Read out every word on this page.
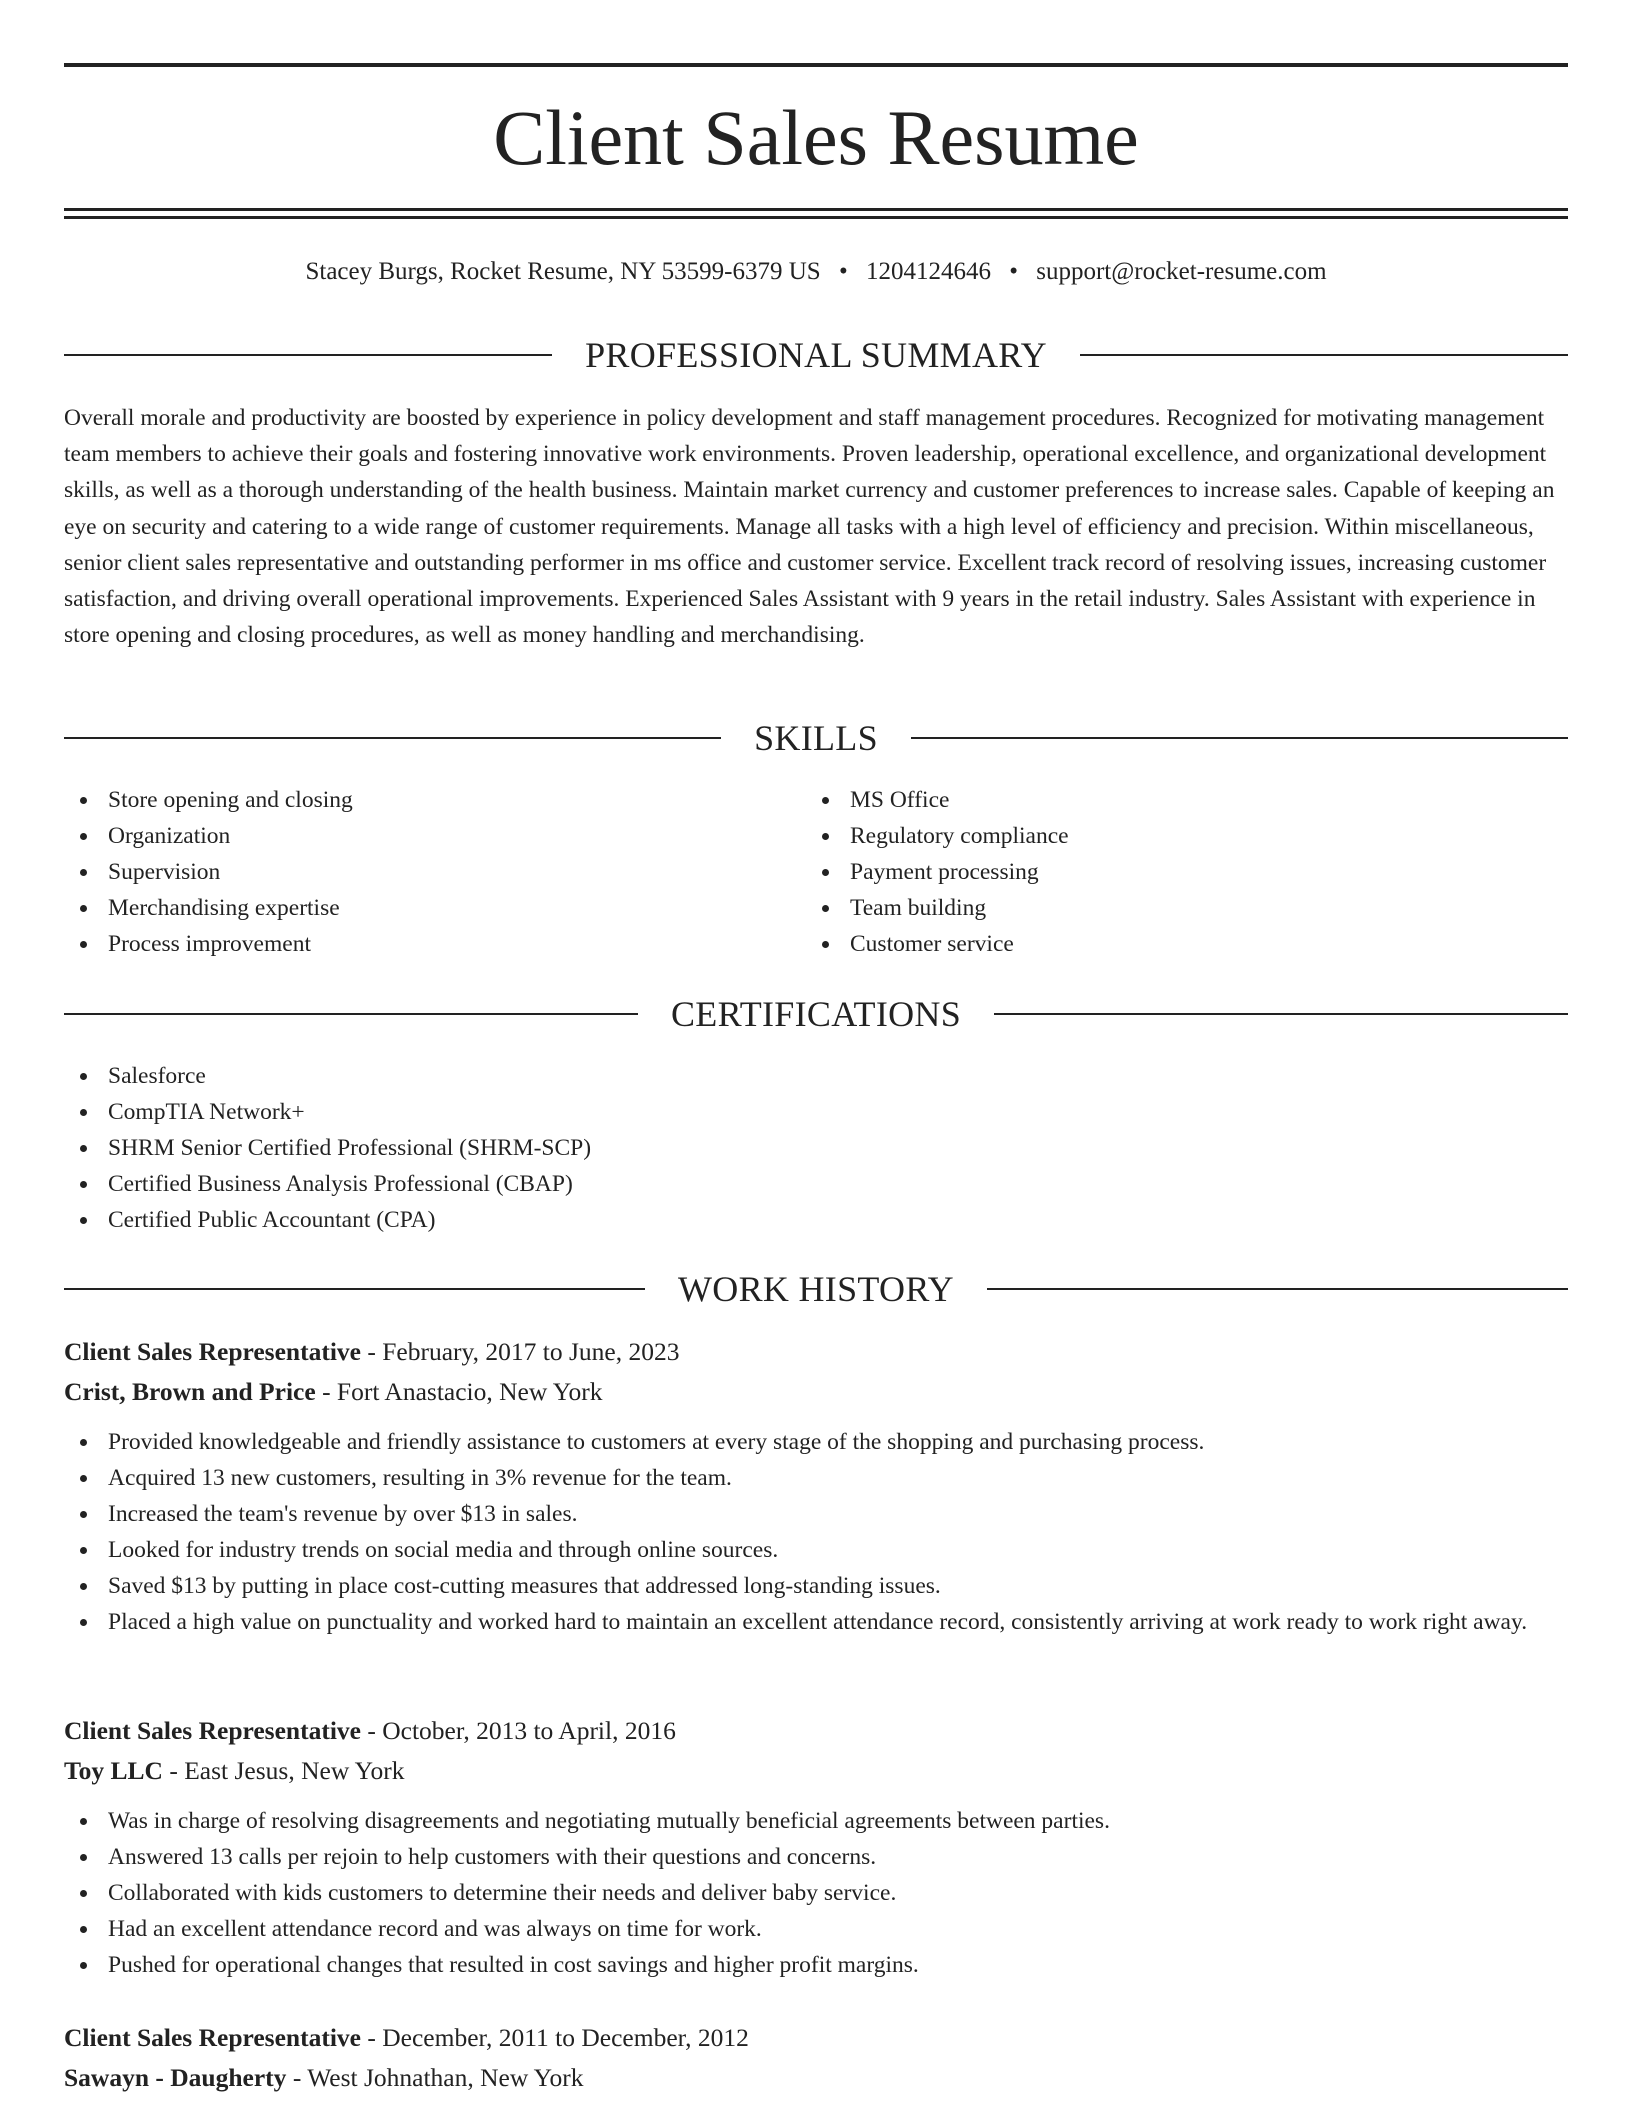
Client Sales Resume
Stacey Burgs, Rocket Resume, NY 53599-6379 US • 1204124646 • support@rocket-resume.com
PROFESSIONAL SUMMARY

Overall morale and productivity are boosted by experience in policy development and staff management procedures. Recognized for motivating management team members to achieve their goals and fostering innovative work environments. Proven leadership, operational excellence, and organizational development skills, as well as a thorough understanding of the health business. Maintain market currency and customer preferences to increase sales. Capable of keeping an eye on security and catering to a wide range of customer requirements. Manage all tasks with a high level of efficiency and precision. Within miscellaneous, senior client sales representative and outstanding performer in ms office and customer service. Excellent track record of resolving issues, increasing customer satisfaction, and driving overall operational improvements. Experienced Sales Assistant with 9 years in the retail industry. Sales Assistant with experience in store opening and closing procedures, as well as money handling and merchandising.

SKILLS
Store opening and closing
Organization
Supervision
Merchandising expertise
Process improvement
MS Office
Regulatory compliance
Payment processing
Team building
Customer service
CERTIFICATIONS
Salesforce
CompTIA Network+
SHRM Senior Certified Professional (SHRM-SCP)
Certified Business Analysis Professional (CBAP)
Certified Public Accountant (CPA)
WORK HISTORY
Client Sales Representative - February, 2017 to June, 2023
Crist, Brown and Price - Fort Anastacio, New York
Provided knowledgeable and friendly assistance to customers at every stage of the shopping and purchasing process.
Acquired 13 new customers, resulting in 3% revenue for the team.
Increased the team's revenue by over $13 in sales.
Looked for industry trends on social media and through online sources.
Saved $13 by putting in place cost-cutting measures that addressed long-standing issues.
Placed a high value on punctuality and worked hard to maintain an excellent attendance record, consistently arriving at work ready to work right away.
Client Sales Representative - October, 2013 to April, 2016
Toy LLC - East Jesus, New York
Was in charge of resolving disagreements and negotiating mutually beneficial agreements between parties.
Answered 13 calls per rejoin to help customers with their questions and concerns.
Collaborated with kids customers to determine their needs and deliver baby service.
Had an excellent attendance record and was always on time for work.
Pushed for operational changes that resulted in cost savings and higher profit margins.
Client Sales Representative - December, 2011 to December, 2012
Sawayn - Daugherty - West Johnathan, New York
